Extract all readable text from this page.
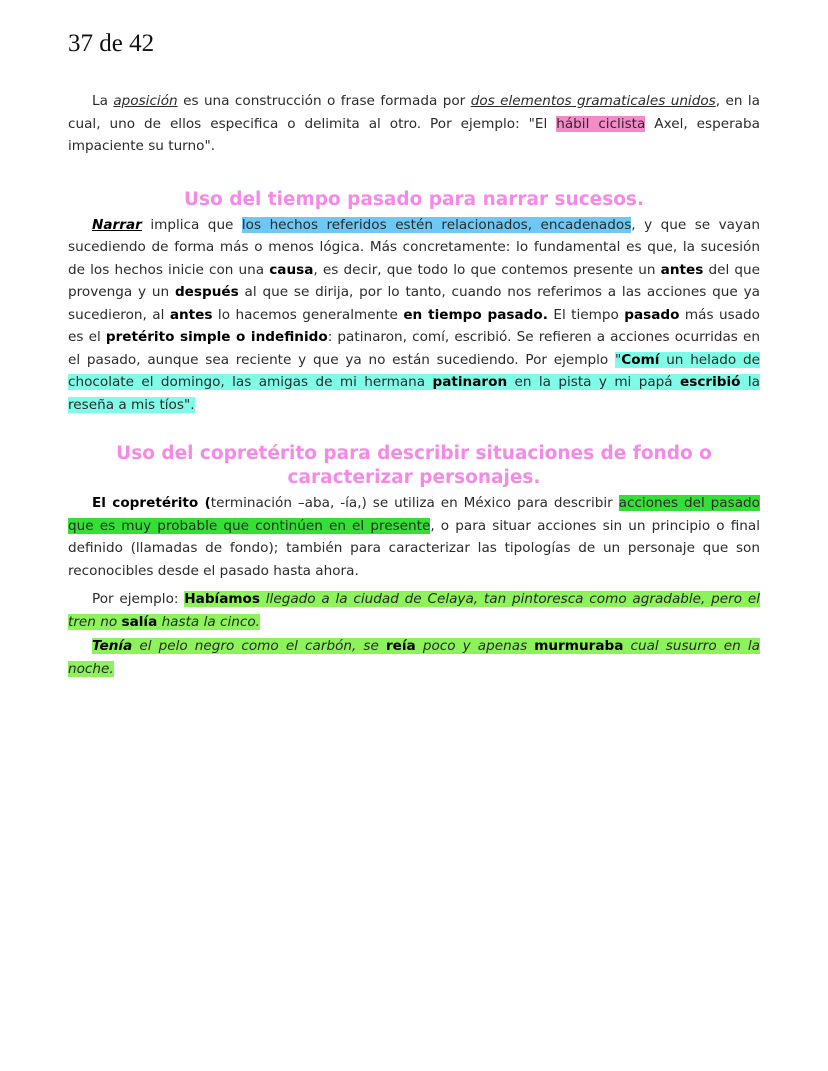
37 de 42

La aposición es una construcción o frase formada por dos elementos gramaticales unidos, en la cual, uno de ellos especifica o delimita al otro. Por ejemplo: "El hábil ciclista Axel, esperaba impaciente su turno".

Uso del tiempo pasado para narrar sucesos.

Narrar implica que los hechos referidos estén relacionados, encadenados, y que se vayan sucediendo de forma más o menos lógica. Más concretamente: lo fundamental es que, la sucesión de los hechos inicie con una causa, es decir, que todo lo que contemos presente un antes del que provenga y un después al que se dirija, por lo tanto, cuando nos referimos a las acciones que ya sucedieron, al antes lo hacemos generalmente en tiempo pasado. El tiempo pasado más usado es el pretérito simple o indefinido: patinaron, comí, escribió. Se refieren a acciones ocurridas en el pasado, aunque sea reciente y que ya no están sucediendo. Por ejemplo "Comí un helado de chocolate el domingo, las amigas de mi hermana patinaron en la pista y mi papá escribió la reseña a mis tíos".

Uso del copretérito para describir situaciones de fondo o caracterizar personajes.

El copretérito (terminación –aba, -ía,) se utiliza en México para describir acciones del pasado que es muy probable que continúen en el presente, o para situar acciones sin un principio o final definido (llamadas de fondo); también para caracterizar las tipologías de un personaje que son reconocibles desde el pasado hasta ahora.

Por ejemplo: Habíamos llegado a la ciudad de Celaya, tan pintoresca como agradable, pero el tren no salía hasta la cinco.

Tenía el pelo negro como el carbón, se reía poco y apenas murmuraba cual susurro en la noche.
